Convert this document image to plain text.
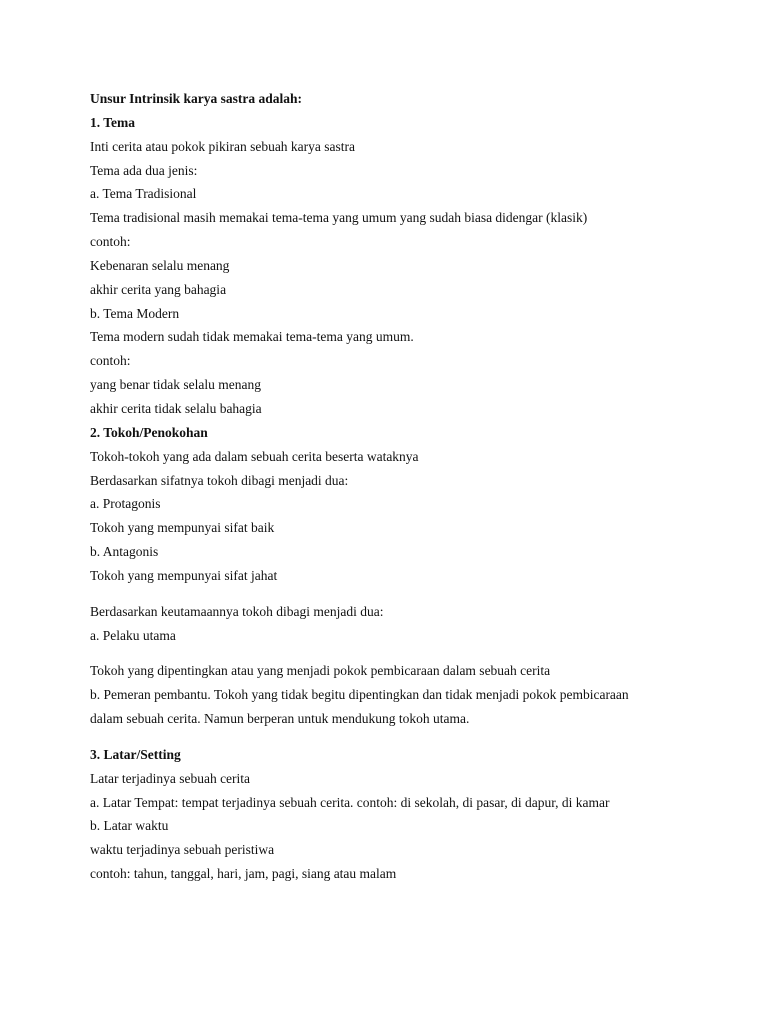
Unsur Intrinsik karya sastra adalah:
1. Tema
Inti cerita atau pokok pikiran sebuah karya sastra
Tema ada dua jenis:
a. Tema Tradisional
Tema tradisional masih memakai tema-tema yang umum yang sudah biasa didengar (klasik)
contoh:
Kebenaran selalu menang
akhir cerita yang bahagia
b. Tema Modern
Tema modern sudah tidak memakai tema-tema yang umum.
contoh:
yang benar tidak selalu menang
akhir cerita tidak selalu bahagia
2. Tokoh/Penokohan
Tokoh-tokoh yang ada dalam sebuah cerita beserta wataknya
Berdasarkan sifatnya tokoh dibagi menjadi dua:
a. Protagonis
Tokoh yang mempunyai sifat baik
b. Antagonis
Tokoh yang mempunyai sifat jahat
Berdasarkan keutamaannya tokoh dibagi menjadi dua:
a. Pelaku utama
Tokoh yang dipentingkan atau yang menjadi pokok pembicaraan dalam sebuah cerita
b. Pemeran pembantu. Tokoh yang tidak begitu dipentingkan dan tidak menjadi pokok pembicaraan
dalam sebuah cerita. Namun berperan untuk mendukung tokoh utama.
3. Latar/Setting
Latar terjadinya sebuah cerita
a. Latar Tempat: tempat terjadinya sebuah cerita. contoh: di sekolah, di pasar, di dapur, di kamar
b. Latar waktu
waktu terjadinya sebuah peristiwa
contoh: tahun, tanggal, hari, jam, pagi, siang atau malam
